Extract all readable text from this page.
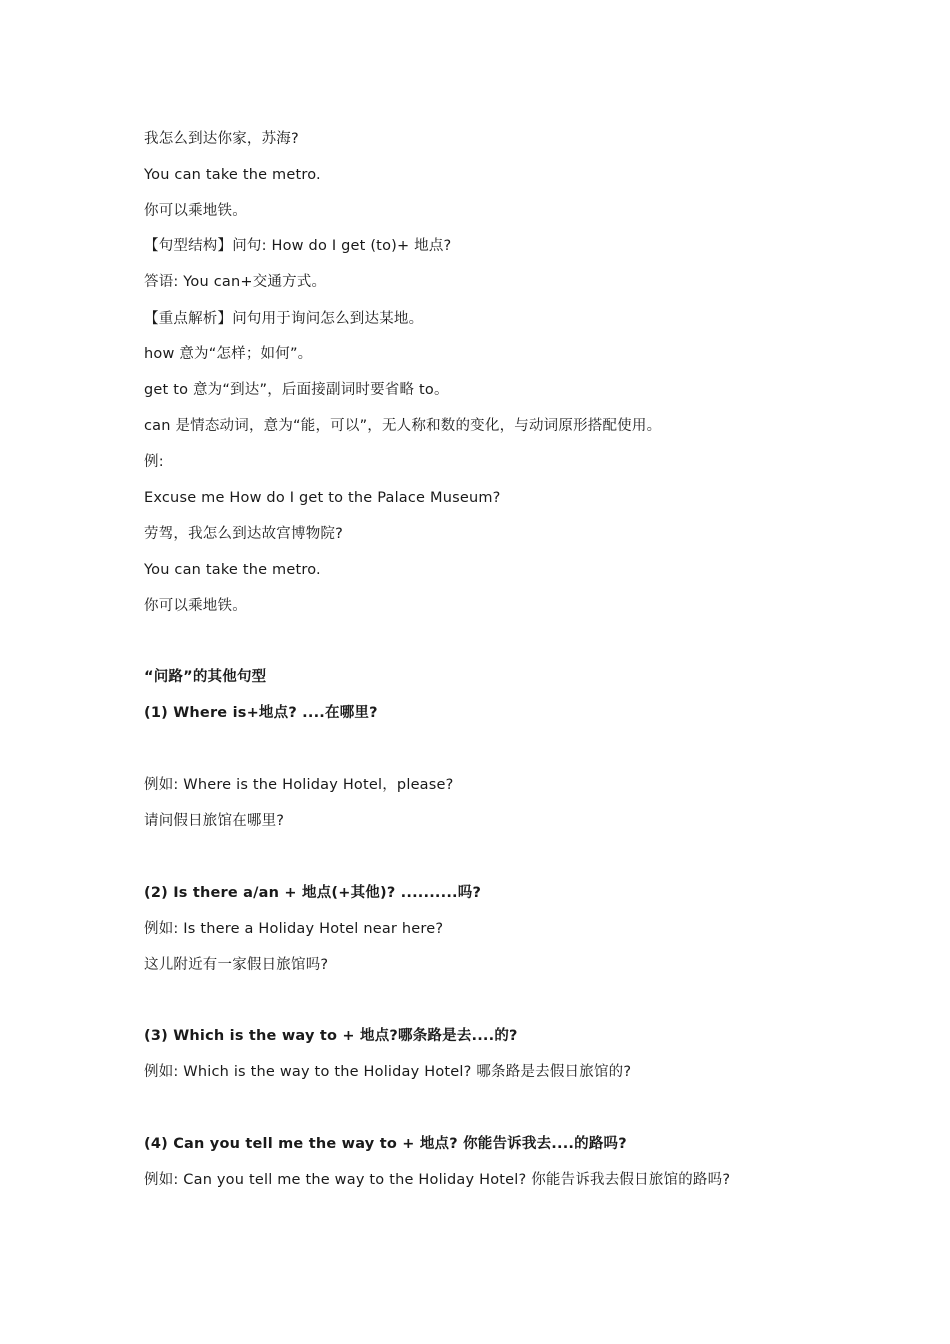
我怎么到达你家，苏海?

You can take the metro.

你可以乘地铁。

【句型结构】问句: How do I get (to)+ 地点?

答语: You can+交通方式。

【重点解析】问句用于询问怎么到达某地。

how 意为“怎样；如何”。

get to 意为“到达”，后面接副词时要省略 to。

can 是情态动词，意为“能，可以”，无人称和数的变化，与动词原形搭配使用。

例:

Excuse me How do I get to the Palace Museum?

劳驾，我怎么到达故宫博物院?

You can take the metro.

你可以乘地铁。

“问路”的其他句型

(1) Where is+地点? ....在哪里?

例如: Where is the Holiday Hotel，please?

请问假日旅馆在哪里?

(2) Is there a/an + 地点(+其他)? ..........吗?

例如: Is there a Holiday Hotel near here?

这儿附近有一家假日旅馆吗?

(3) Which is the way to + 地点?哪条路是去....的?

例如: Which is the way to the Holiday Hotel? 哪条路是去假日旅馆的?

(4) Can you tell me the way to + 地点? 你能告诉我去....的路吗?

例如: Can you tell me the way to the Holiday Hotel? 你能告诉我去假日旅馆的路吗?
